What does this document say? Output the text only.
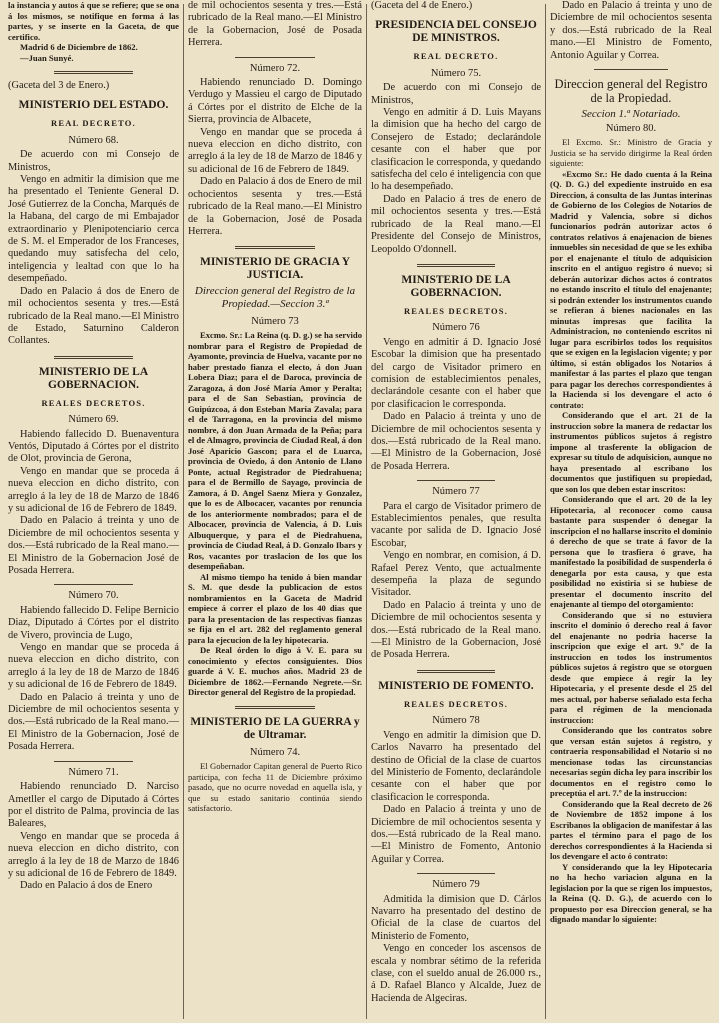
la instancia y autos á que se refiere; que se ona á los mismos, se notifique en forma á las partes, y se inserte en la Gaceta, de que certifico.

Madrid 6 de Diciembre de 1862.

—Juan Sunyé.

(Gaceta del 3 de Enero.)

MINISTERIO DEL ESTADO.
REAL DECRETO.
Número 68.

De acuerdo con mi Consejo de Ministros,

Vengo en admitir la dimision que me ha presentado el Teniente General D. José Gutierrez de la Concha, Marqués de la Habana, del cargo de mi Embajador extraordinario y Plenipotenciario cerca de S. M. el Emperador de los Franceses, quedando muy satisfecha del celo, inteligencia y lealtad con que lo ha desempeñado.

Dado en Palacio á dos de Enero de mil ochocientos sesenta y tres.—Está rubricado de la Real mano.—El Ministro de Estado, Saturnino Calderon Collantes.

MINISTERIO DE LA GOBERNACION.
REALES DECRETOS.
Número 69.

Habiendo fallecido D. Buenaventura Ventós, Diputado á Córtes por el distrito de Olot, provincia de Gerona,

Vengo en mandar que se proceda á nueva eleccion en dicho distrito, con arreglo á la ley de 18 de Marzo de 1846 y su adicional de 16 de Febrero de 1849.

Dado en Palacio á treinta y uno de Diciembre de mil ochocientos sesenta y dos.—Está rubricado de la Real mano.—El Ministro de la Gobernacion José de Posada Herrera.

Número 70.

Habiendo fallecido D. Felipe Bernicio Diaz, Diputado á Córtes por el distrito de Vivero, provincia de Lugo,

Vengo en mandar que se proceda á nueva eleccion en dicho distrito, con arreglo á la ley de 18 de Marzo de 1846 y su adicional de 16 de Febrero de 1849.

Dado en Palacio á treinta y uno de Diciembre de mil ochocientos sesenta y dos.—Está rubricado de la Real mano.—El Ministro de la Gobernacion, José de Posada Herrera.

Número 71.

Habiendo renunciado D. Narciso Ametller el cargo de Diputado á Córtes por el distrito de Palma, provincia de las Baleares,

Vengo en mandar que se proceda á nueva eleccion en dicho distrito, con arreglo á la ley de 18 de Marzo de 1846 y su adicional de 16 de Febrero de 1849.

Dado en Palacio á dos de Enero

de mil ochocientos sesenta y tres.—Está rubricado de la Real mano.—El Ministro de la Gobernacion, José de Posada Herrera.

Número 72.

Habiendo renunciado D. Domingo Verdugo y Massieu el cargo de Diputado á Córtes por el distrito de Elche de la Sierra, provincia de Albacete,

Vengo en mandar que se proceda á nueva eleccion en dicho distrito, con arreglo á la ley de 18 de Marzo de 1846 y su adicional de 16 de Febrero de 1849.

Dado en Palacio á dos de Enero de mil ochocientos sesenta y tres.—Está rubricado de la Real mano.—El Ministro de la Gobernacion, José de Posada Herrera.

MINISTERIO DE GRACIA Y JUSTICIA.
Direccion general del Registro de la Propiedad.—Seccion 3.ª
Número 73

Excmo. Sr.: La Reina (q. D. g.) se ha servido nombrar para el Registro de Propiedad de Ayamonte, provincia de Huelva, vacante por no haber prestado fianza el electo, á don Juan Lobera Diaz; para el de Daroca, provincia de Zaragoza, á don José María Amor y Peralta; para el de San Sebastian, provincia de Guipúzcoa, á don Esteban María Zavala; para el de Tarragona, en la provincia del mismo nombre, á don Juan Armada de la Peña; para el de Almagro, provincia de Ciudad Real, á don José Aparicio Gascon; para el de Luarca, provincia de Oviedo, á don Antonio de Llano Ponte, actual Registrador de Piedrahuena; para el de Bermillo de Sayago, provincia de Zamora, á D. Angel Saenz Miera y Gonzalez, que lo es de Albocacer, vacantes por renuncia de los anteriormente nombrados; para el de Albocacer, provincia de Valencia, á D. Luis Albuquerque, y para el de Piedrahuena, provincia de Ciudad Real, á D. Gonzalo Ibars y Ros, vacantes por traslacion de los que los desempeñaban.

Al mismo tiempo ha tenido á bien mandar S. M. que desde la publicacion de estos nombramientos en la Gaceta de Madrid empiece á correr el plazo de los 40 dias que para la presentacion de las respectivas fianzas se fija en el art. 282 del reglamento general para la ejecucion de la ley hipotecaria.

De Real órden lo digo á V. E. para su conocimiento y efectos consiguientes. Dios guarde á V. E. muchos años. Madrid 23 de Diciembre de 1862.—Fernando Negrete.—Sr. Director general del Registro de la propiedad.

MINISTERIO DE LA GUERRA y de Ultramar.
Número 74.

El Gobernador Capitan general de Puerto Rico participa, con fecha 11 de Diciembre próximo pasado, que no ocurre novedad en aquella isla, y que su estado sanitario continúa siendo satisfactorio.

(Gaceta del 4 de Enero.)

PRESIDENCIA DEL CONSEJO DE MINISTROS.
REAL DECRETO.
Número 75.

De acuerdo con mi Consejo de Ministros,

Vengo en admitir á D. Luis Mayans la dimision que ha hecho del cargo de Consejero de Estado; declarándole cesante con el haber que por clasificacion le corresponda, y quedando satisfecha del celo é inteligencia con que lo ha desempeñado.

Dado en Palacio á tres de enero de mil ochocientos sesenta y tres.—Está rubricado de la Real mano.—El Presidente del Consejo de Ministros, Leopoldo O'donnell.

MINISTERIO DE LA GOBERNACION.
REALES DECRETOS.
Número 76

Vengo en admitir á D. Ignacio José Escobar la dimision que ha presentado del cargo de Visitador primero en comision de establecimientos penales, declarándole cesante con el haber que por clasificacion le corresponda.

Dado en Palacio á treinta y uno de Diciembre de mil ochocientos sesenta y dos.—Está rubricado de la Real mano.—El Ministro de la Gobernacion, José de Posada Herrera.

Número 77

Para el cargo de Visitador primero de Establecimientos penales, que resulta vacante por salida de D. Ignacio José Escobar,

Vengo en nombrar, en comision, á D. Rafael Perez Vento, que actualmente desempeña la plaza de segundo Visitador.

Dado en Palacio á treinta y uno de Diciembre de mil ochocientos sesenta y dos.—Está rubricado de la Real mano.—El Ministro de la Gobernacion, José de Posada Herrera.

MINISTERIO DE FOMENTO.
REALES DECRETOS.
Número 78

Vengo en admitir la dimision que D. Carlos Navarro ha presentado del destino de Oficial de la clase de cuartos del Ministerio de Fomento, declarándole cesante con el haber que por clasificacion le corresponda.

Dado en Palacio á treinta y uno de Diciembre de mil ochocientos sesenta y dos.—Está rubricado de la Real mano.—El Ministro de Fomento, Antonio Aguilar y Correa.

Número 79

Admitida la dimision que D. Cárlos Navarro ha presentado del destino de Oficial de la clase de cuartos del Ministerio de Fomento,

Vengo en conceder los ascensos de escala y nombrar sétimo de la referida clase, con el sueldo anual de 26.000 rs., á D. Rafael Blanco y Alcalde, Juez de Hacienda de Algeciras.

Dado en Palacio á treinta y uno de Diciembre de mil ochocientos sesenta y dos.—Está rubricado de la Real mano.—El Ministro de Fomento, Antonio Aguilar y Correa.

Direccion general del Registro de la Propiedad.
Seccion 1.ª Notariado.
Número 80.

El Excmo. Sr.: Ministro de Gracia y Justicia se ha servido dirigirme la Real órden siguiente:

«Excmo Sr.: He dado cuenta á la Reina (Q. D. G.) del expediente instruido en esa Direccion, á consulta de las Juntas interinas de Gobierno de los Colegios de Notarios de Madrid y Valencia, sobre si dichos funcionarios podrán autorizar actos ó contratos relativos á enajenacion de bienes inmuebles sin necesidad de que se les exhiba por el enajenante el título de adquisicion inscrito en el antiguo registro ó nuevo; si deberán autorizar dichos actos ó contratos no estando inscrito el título del enajenante; si podrán extender los instrumentos cuando se refieran á bienes nacionales en las minutas impresas que facilita la Administracion, no conteniendo escritos ni lugar para escribirlos todos los requisitos que se exigen en la legislacion vigente; y por último, si están obligados los Notarios á manifestar á las partes el plazo que tengan para pagar los derechos correspondientes á la Hacienda si los devengare el acto ó contrato:

Considerando que el art. 21 de la instruccion sobre la manera de redactar los instrumentos públicos sujetos á registro impone al trasferente la obligacion de expresar su título de adquisicion, aunque no haya presentado al escribano los documentos que justifiquen su propiedad, que son los que deben estar inscritos:

Considerando que el art. 20 de la ley Hipotecaria, al reconocer como causa bastante para suspender ó denegar la inscripcion el no hallarse inscrito el dominio ó derecho de que se trate á favor de la persona que lo trasfiera ó grave, ha manifestado la posibilidad de suspenderla ó denegarla por esta causa, y que esta posibilidad no existiria si se hubiese de presentar el documento inscrito del enajenante al tiempo del otorgamiento:

Considerando que si no estuviera inscrito el dominio ó derecho real á favor del enajenante no podria hacerse la inscripcion que exige el art. 9.º de la instruccion en todos los instrumentos públicos sujetos á registro que se otorguen desde que empiece á regir la ley Hipotecaria, y el presente desde el 25 del mes actual, por haberse señalado esta fecha para el régimen de la mencionada instruccion:

Considerando que los contratos sobre que versan están sujetos á registro, y contraeria responsabilidad el Notario si no mencionase todas las circunstancias necesarias según dicha ley para inscribir los documentos en el registro como lo preceptúa el art. 7.º de la instruccion:

Considerando que la Real decreto de 26 de Noviembre de 1852 impone á los Escribanos la obligacion de manifestar á las partes el término para el pago de los derechos correspondientes á la Hacienda si los devengare el acto ó contrato:

Y considerando que la ley Hipotecaria no ha hecho variacion alguna en la legislacion por la que se rigen los impuestos, la Reina (Q. D. G.), de acuerdo con lo propuesto por esa Direccion general, se ha dignado mandar lo siguiente:
